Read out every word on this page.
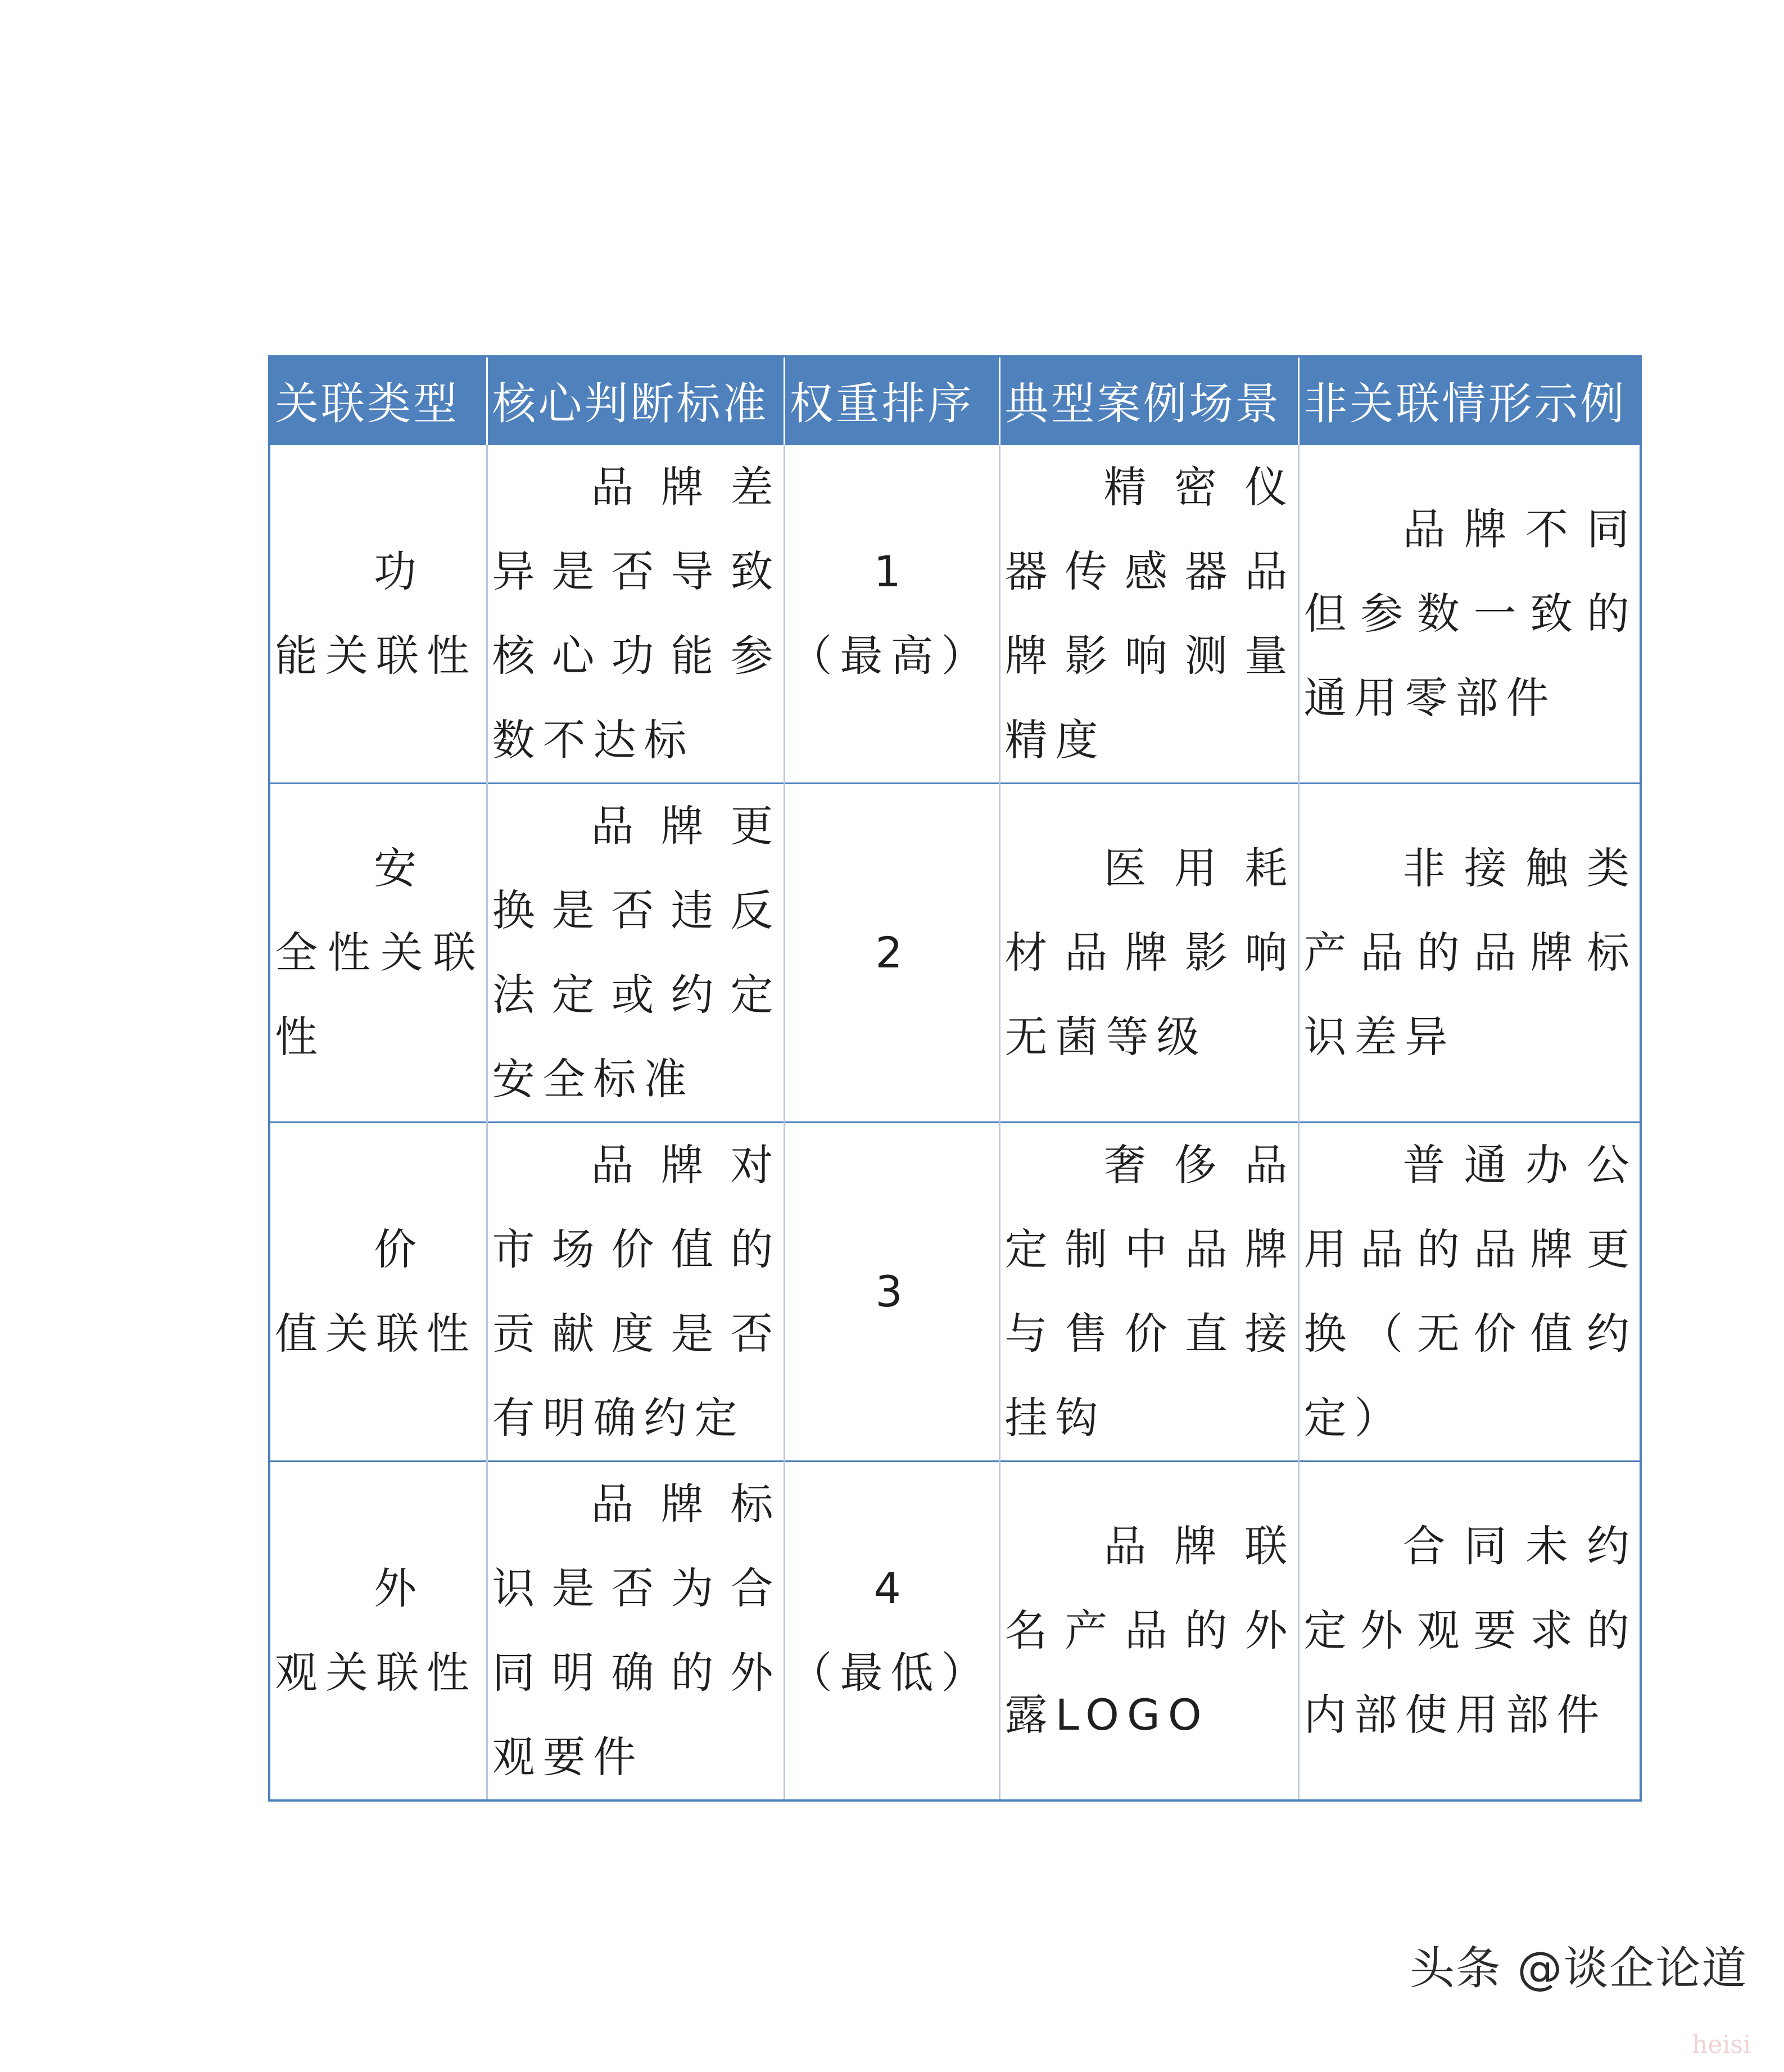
关联类型	核心判断标准	权重排序	典型案例场景	非关联情形示例
功 能关联性	品牌差异是否导致核心功能参数不达标	1（最高）	精密仪器传感器品牌影响测量精度	品牌不同但参数一致的通用零部件
安 全性关联性	品牌更换是否违反法定或约定安全标准	2	医用耗材品牌影响无菌等级	非接触类产品的品牌标识差异
价 值关联性	品牌对市场价值的贡献度是否有明确约定	3	奢侈品定制中品牌与售价直接挂钩	普通办公用品的品牌更换（无价值约定）
外 观关联性	品牌标识是否为合同明确的外观要件	4（最低）	品牌联名产品的外露LOGO	合同未约定外观要求的内部使用部件
头条 @谈企论道
heisi
